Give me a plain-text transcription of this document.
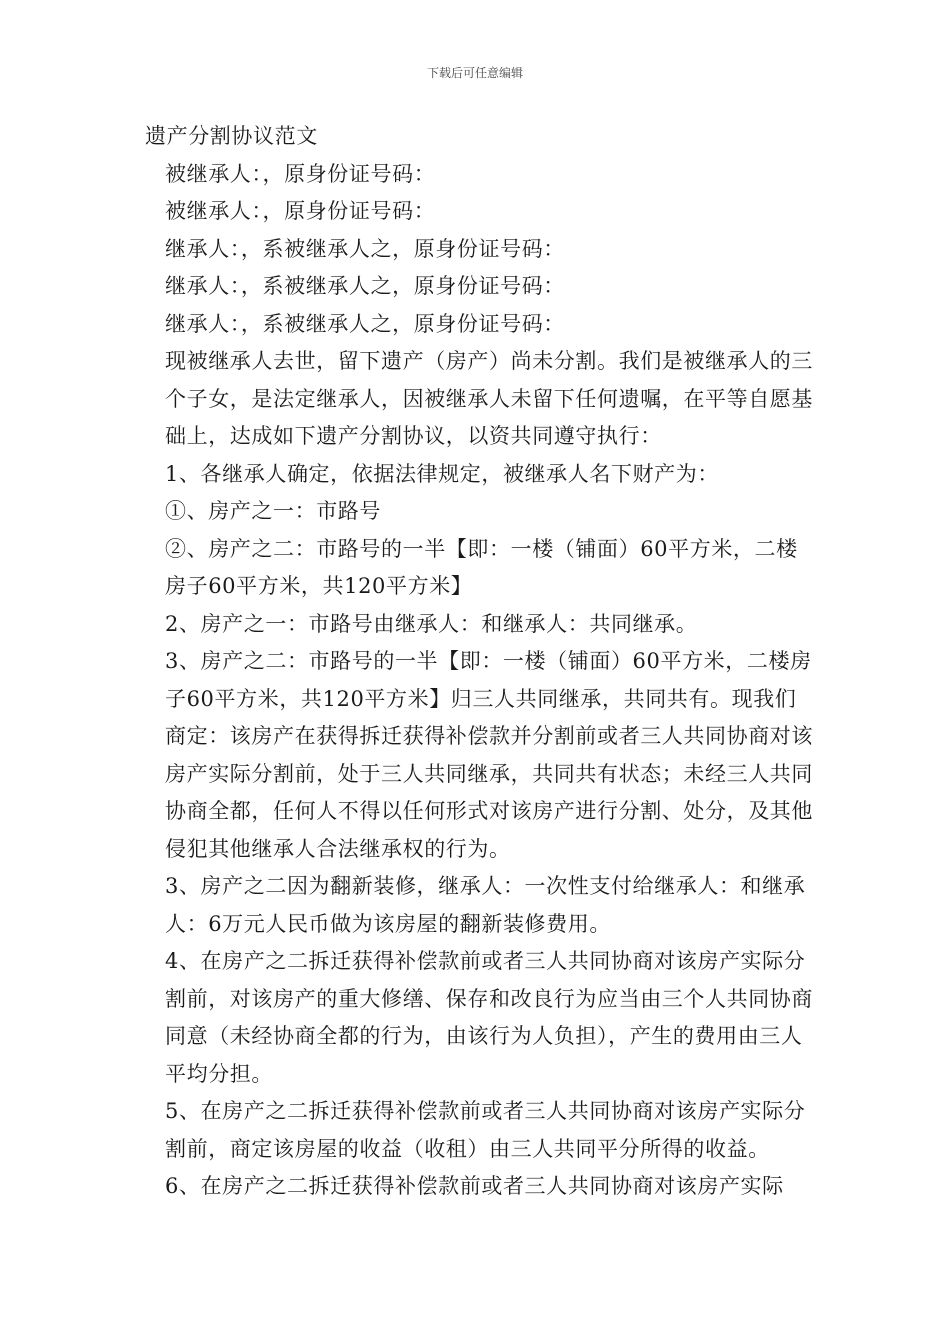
下载后可任意编辑

遗产分割协议范文

被继承人：，原身份证号码：

被继承人：，原身份证号码：

继承人：，系被继承人之，原身份证号码：

继承人：，系被继承人之，原身份证号码：

继承人：，系被继承人之，原身份证号码：

现被继承人去世，留下遗产（房产）尚未分割。我们是被继承人的三个子女，是法定继承人，因被继承人未留下任何遗嘱，在平等自愿基础上，达成如下遗产分割协议，以资共同遵守执行：

1、各继承人确定，依据法律规定，被继承人名下财产为：

①、房产之一：市路号

②、房产之二：市路号的一半【即：一楼（铺面）60平方米，二楼房子60平方米，共120平方米】

2、房产之一：市路号由继承人：和继承人：共同继承。

3、房产之二：市路号的一半【即：一楼（铺面）60平方米，二楼房子60平方米，共120平方米】归三人共同继承，共同共有。现我们商定：该房产在获得拆迁获得补偿款并分割前或者三人共同协商对该房产实际分割前，处于三人共同继承，共同共有状态；未经三人共同协商全都，任何人不得以任何形式对该房产进行分割、处分，及其他侵犯其他继承人合法继承权的行为。

3、房产之二因为翻新装修，继承人：一次性支付给继承人：和继承人：6万元人民币做为该房屋的翻新装修费用。

4、在房产之二拆迁获得补偿款前或者三人共同协商对该房产实际分割前，对该房产的重大修缮、保存和改良行为应当由三个人共同协商同意（未经协商全都的行为，由该行为人负担），产生的费用由三人平均分担。

5、在房产之二拆迁获得补偿款前或者三人共同协商对该房产实际分割前，商定该房屋的收益（收租）由三人共同平分所得的收益。

6、在房产之二拆迁获得补偿款前或者三人共同协商对该房产实际
